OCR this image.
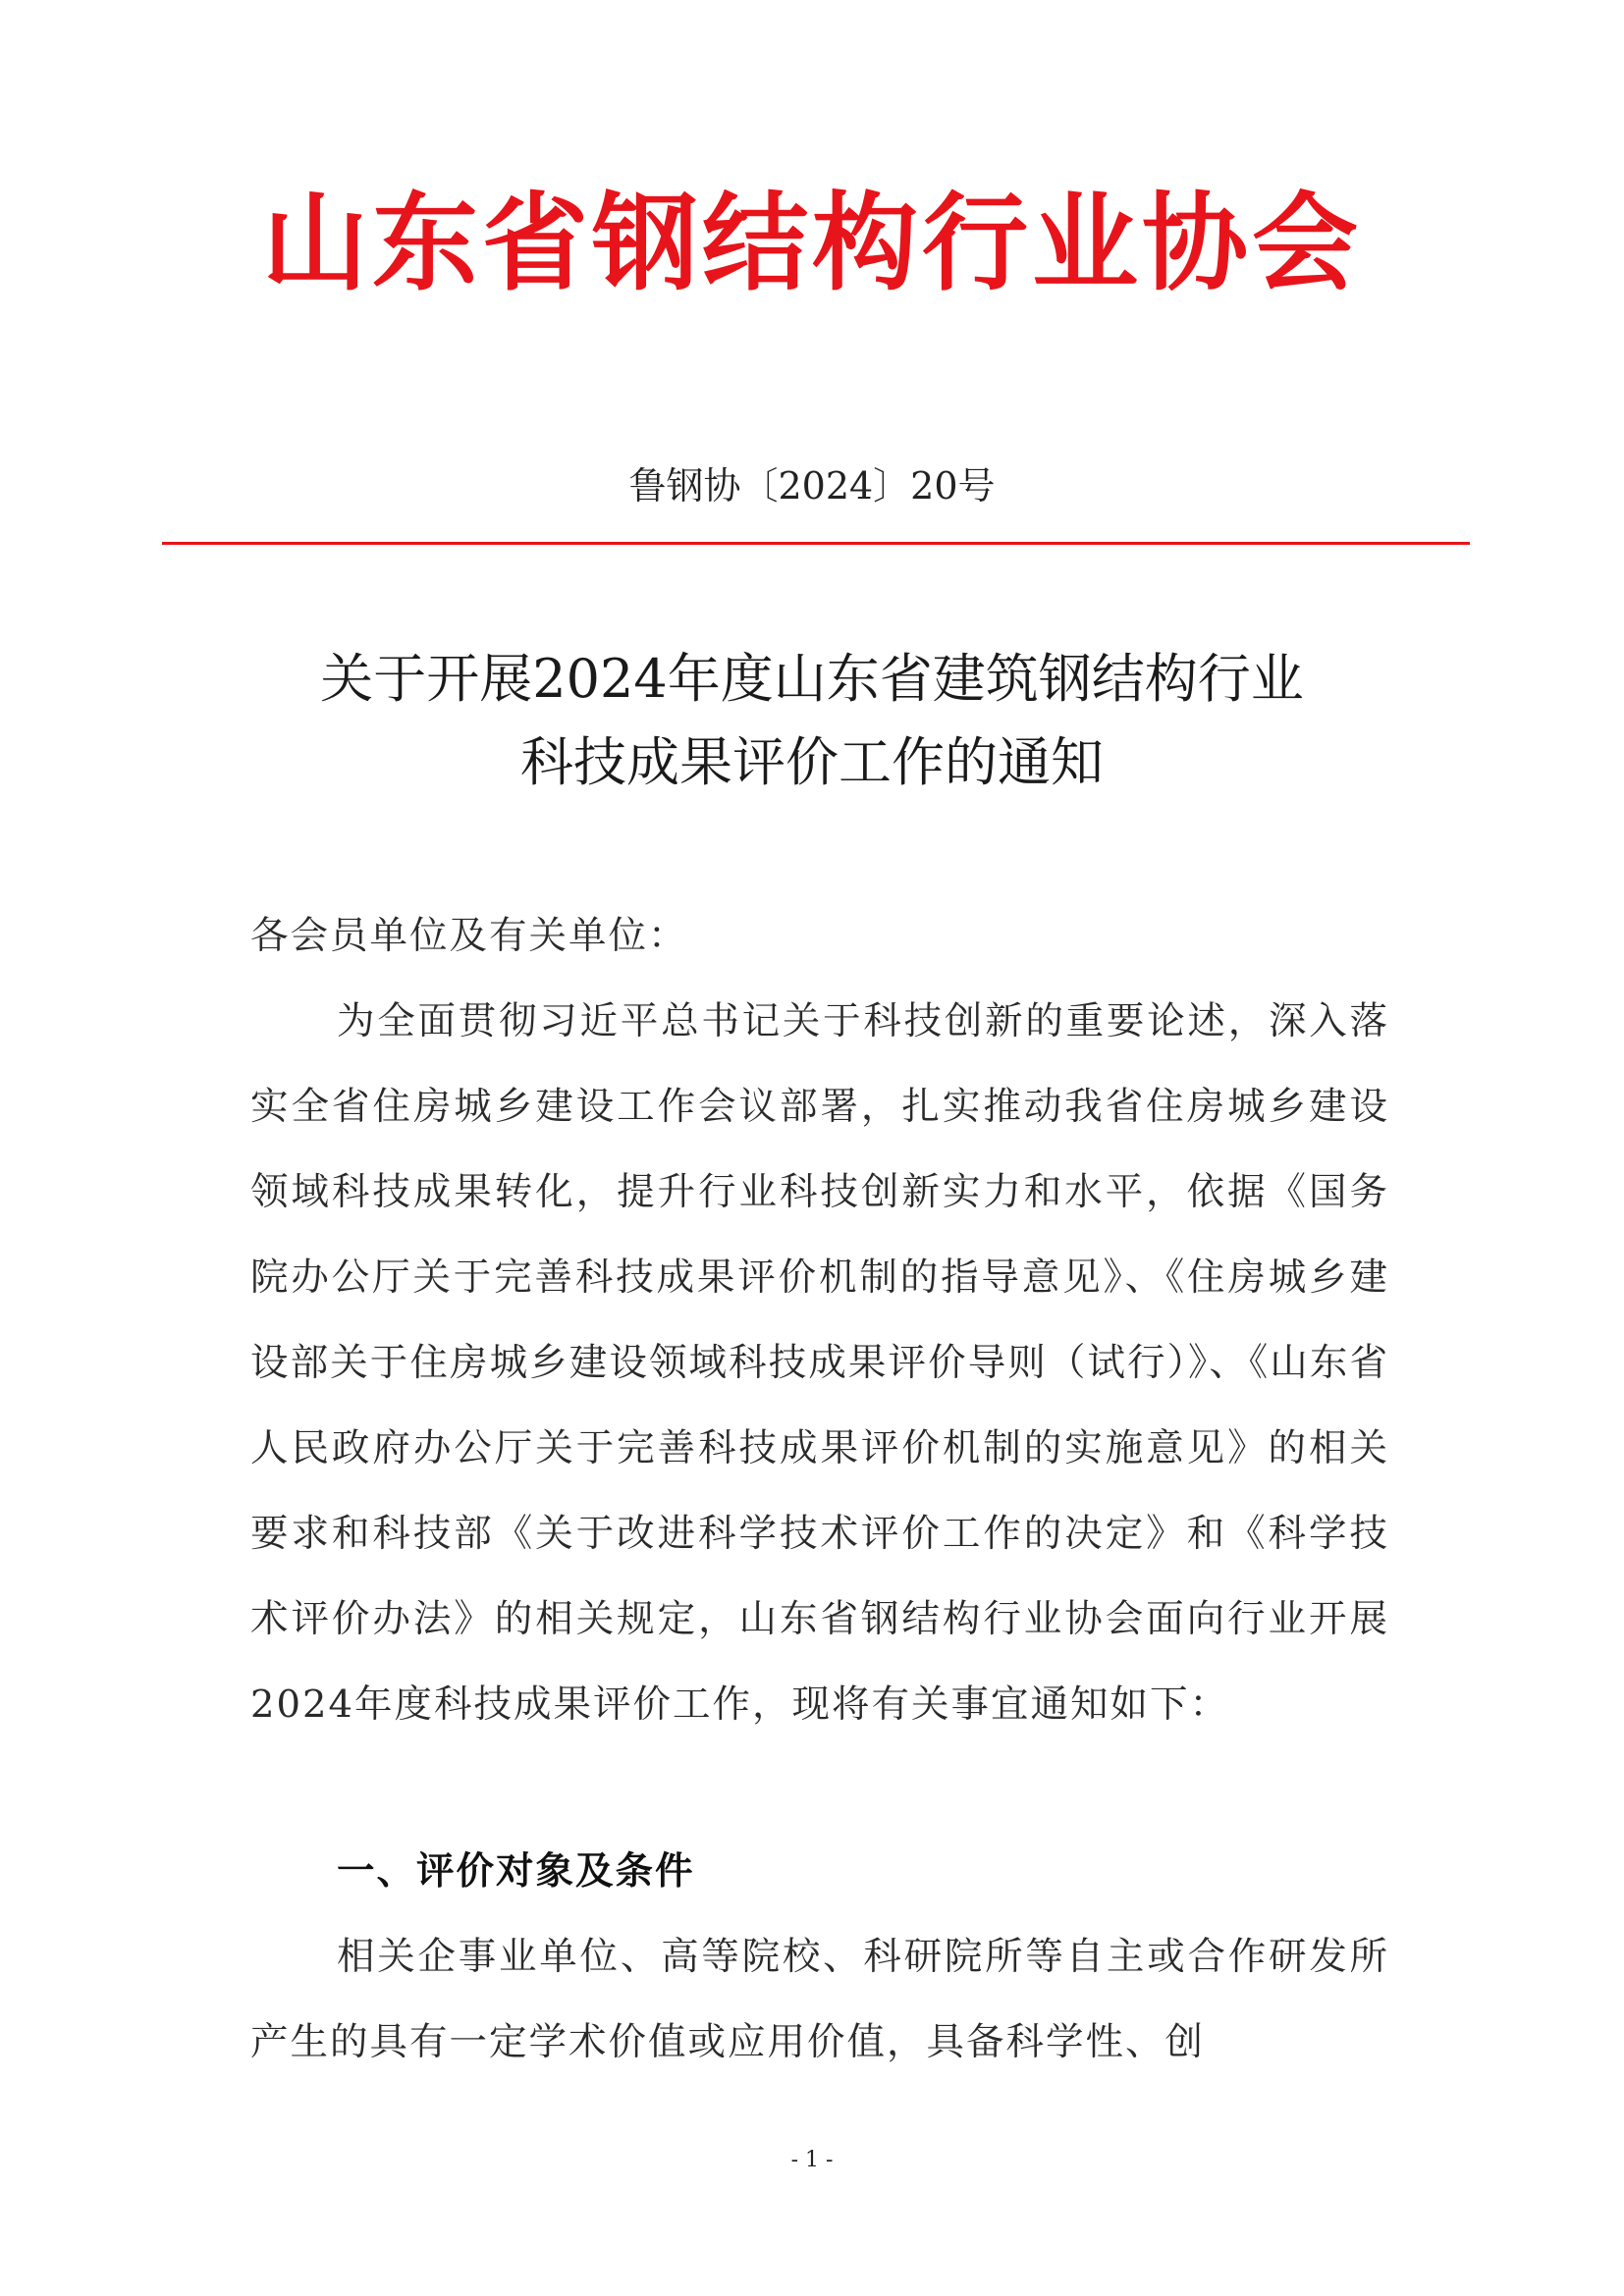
山东省钢结构行业协会
鲁钢协〔2024〕20号
关于开展2024年度山东省建筑钢结构行业
科技成果评价工作的通知

各会员单位及有关单位：

为全面贯彻习近平总书记关于科技创新的重要论述，深入落实全省住房城乡建设工作会议部署，扎实推动我省住房城乡建设领域科技成果转化，提升行业科技创新实力和水平，依据《国务院办公厅关于完善科技成果评价机制的指导意见》、《住房城乡建设部关于住房城乡建设领域科技成果评价导则（试行）》、《山东省人民政府办公厅关于完善科技成果评价机制的实施意见》的相关要求和科技部《关于改进科学技术评价工作的决定》和《科学技术评价办法》的相关规定，山东省钢结构行业协会面向行业开展2024年度科技成果评价工作，现将有关事宜通知如下：

一、评价对象及条件

相关企事业单位、高等院校、科研院所等自主或合作研发所产生的具有一定学术价值或应用价值，具备科学性、创

- 1 -
